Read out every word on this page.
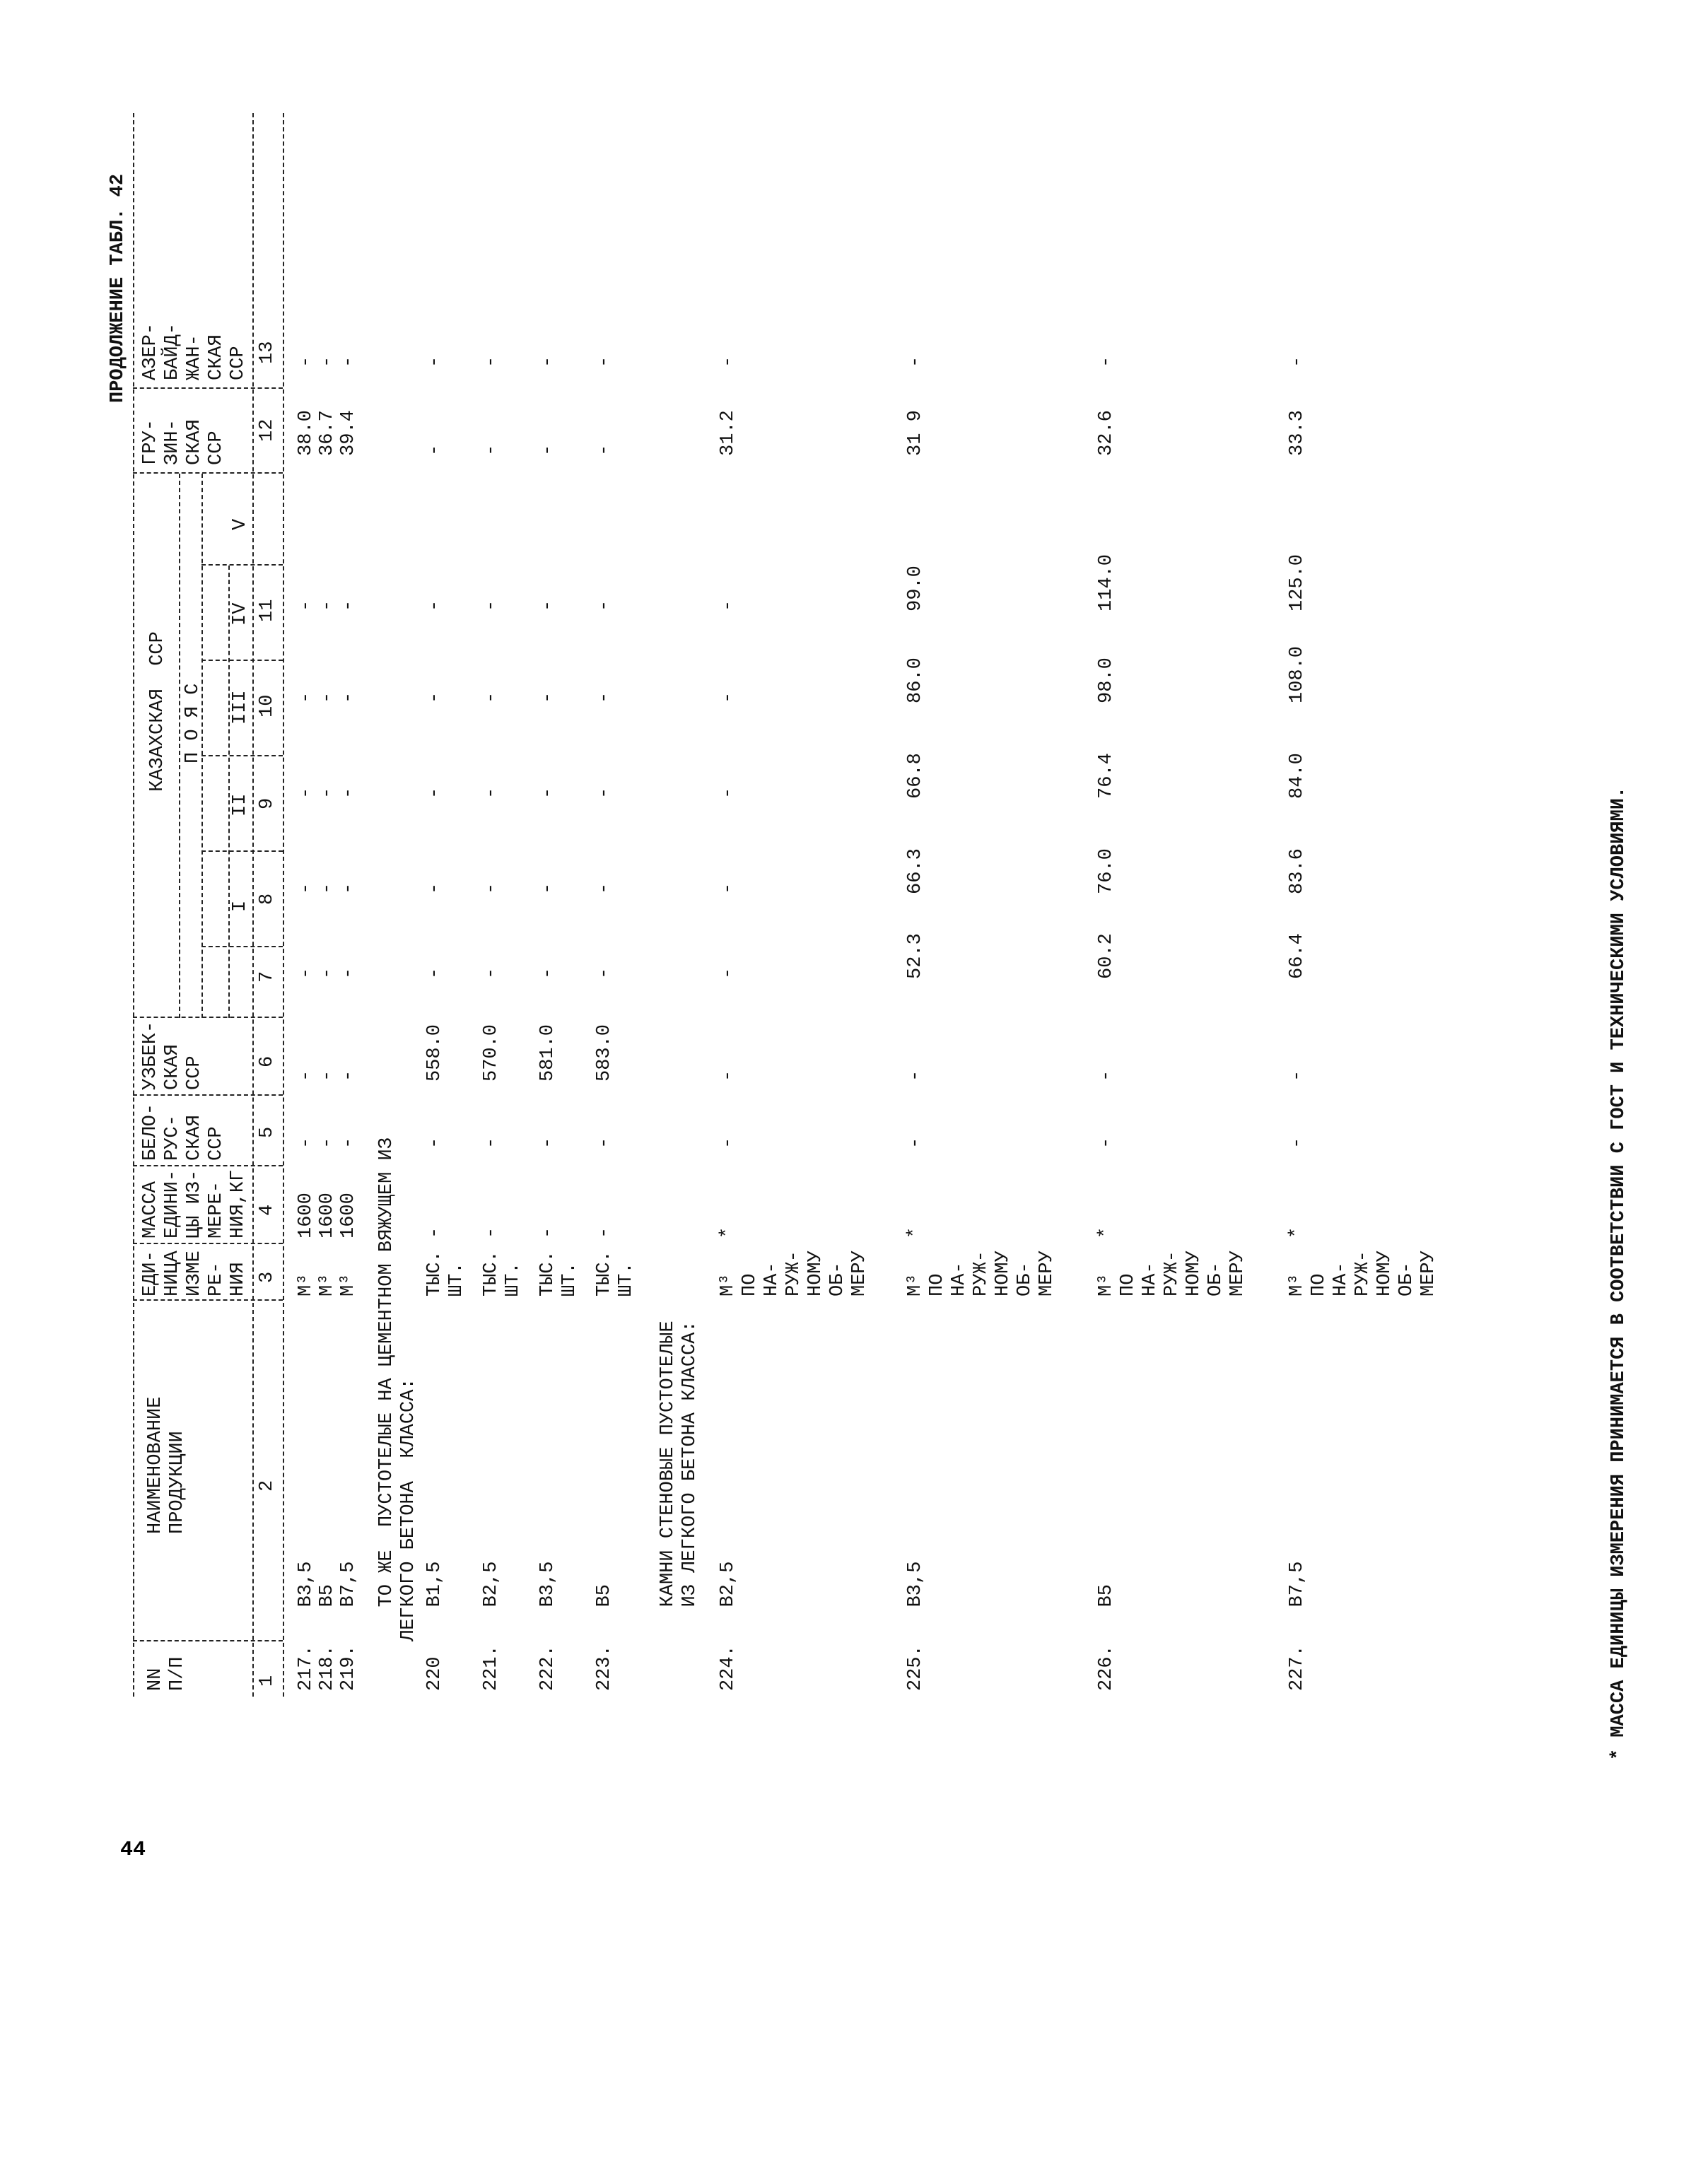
44
ПРОДОЛЖЕНИЕ ТАБЛ. 42
NN
П/П
НАИМЕНОВАНИЕ
ПРОДУКЦИИ
ЕДИ-
НИЦА
ИЗМЕ
РЕ-
НИЯ
МАССА
ЕДИНИ-
ЦЫ ИЗ-
МЕРЕ-
НИЯ,КГ
БЕЛО-
РУС-
СКАЯ
ССР
УЗБЕК-
СКАЯ
ССР
КАЗАХСКАЯ  ССР П О Я С
ГРУ-
ЗИН-
СКАЯ
ССР
АЗЕР-
БАЙД-
ЖАН-
СКАЯ
ССР
I
II
III
IV
V
1
2
3
4
5
6
7
8
9
10
11
12
13
217.
В3,5
М³
1600
-
-
-
-
-
-
-
38.0
-
218.
В5
М³
1600
-
-
-
-
-
-
-
36.7
-
219.
В7,5
М³
1600
-
-
-
-
-
-
-
39.4
-
ТО ЖЕ  ПУСТОТЕЛЫЕ НА ЦЕМЕНТНОМ ВЯЖУЩЕМ ИЗ
ЛЕГКОГО БЕТОНА  КЛАССА:
220
В1,5
ТЫС.
ШТ.
-
-
558.0
-
-
-
-
-
-
-
221.
В2,5
ТЫС.
ШТ.
-
-
570.0
-
-
-
-
-
-
-
222.
В3,5
ТЫС.
ШТ.
-
-
581.0
-
-
-
-
-
-
-
223.
В5
ТЫС.
ШТ.
-
-
583.0
-
-
-
-
-
-
-
КАМНИ СТЕНОВЫЕ ПУСТОТЕЛЫЕ
ИЗ ЛЕГКОГО БЕТОНА КЛАССА:
224.
В2,5
М³
ПО
НА-
РУЖ-
НОМУ
ОБ-
МЕРУ
*
-
-
-
-
-
-
-
31.2
-
225.
В3,5
М³
ПО
НА-
РУЖ-
НОМУ
ОБ-
МЕРУ
*
-
-
52.3
66.3
66.8
86.0
99.0
31 9
-
226.
В5
М³
ПО
НА-
РУЖ-
НОМУ
ОБ-
МЕРУ
*
-
-
60.2
76.0
76.4
98.0
114.0
32.6
-
227.
В7,5
М³
ПО
НА-
РУЖ-
НОМУ
ОБ-
МЕРУ
*
-
-
66.4
83.6
84.0
108.0
125.0
33.3
-
* МАССА ЕДИНИЦЫ ИЗМЕРЕНИЯ ПРИНИМАЕТСЯ В СООТВЕТСТВИИ С ГОСТ И ТЕХНИЧЕСКИМИ УСЛОВИЯМИ.
